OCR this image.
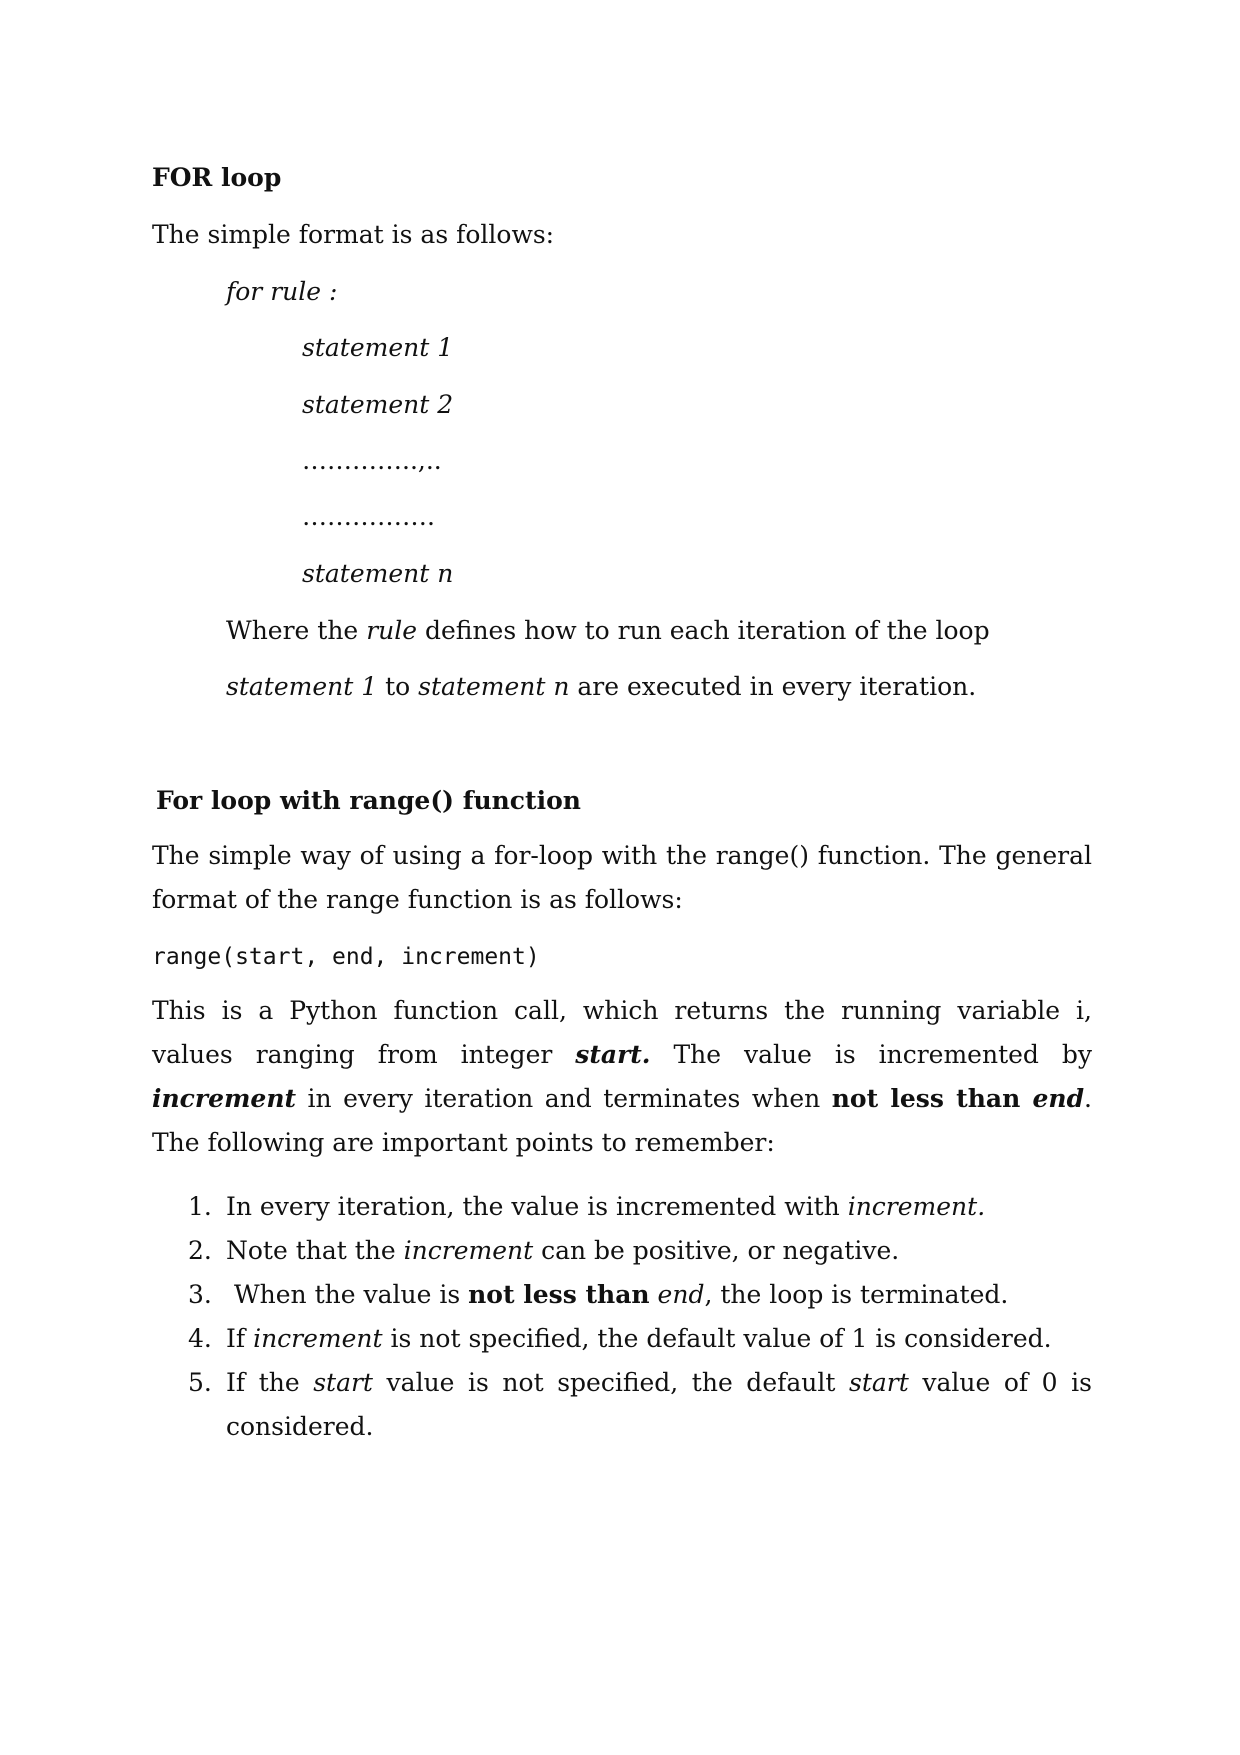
FOR loop
The simple format is as follows:
for rule :
statement 1
statement 2
…………..,..
…………….
statement n
Where the rule defines how to run each iteration of the loop
statement 1 to statement n are executed in every iteration.
For loop with range() function
The simple way of using a for-loop with the range() function. The general format of the range function is as follows:
range(start, end, increment)
This is a Python function call, which returns the running variable i, values ranging from integer start. The value is incremented by increment in every iteration and terminates when not less than end. The following are important points to remember:
1. In every iteration, the value is incremented with increment.
2. Note that the increment can be positive, or negative.
3. When the value is not less than end, the loop is terminated.
4. If increment is not specified, the default value of 1 is considered.
5. If the start value is not specified, the default start value of 0 is considered.
